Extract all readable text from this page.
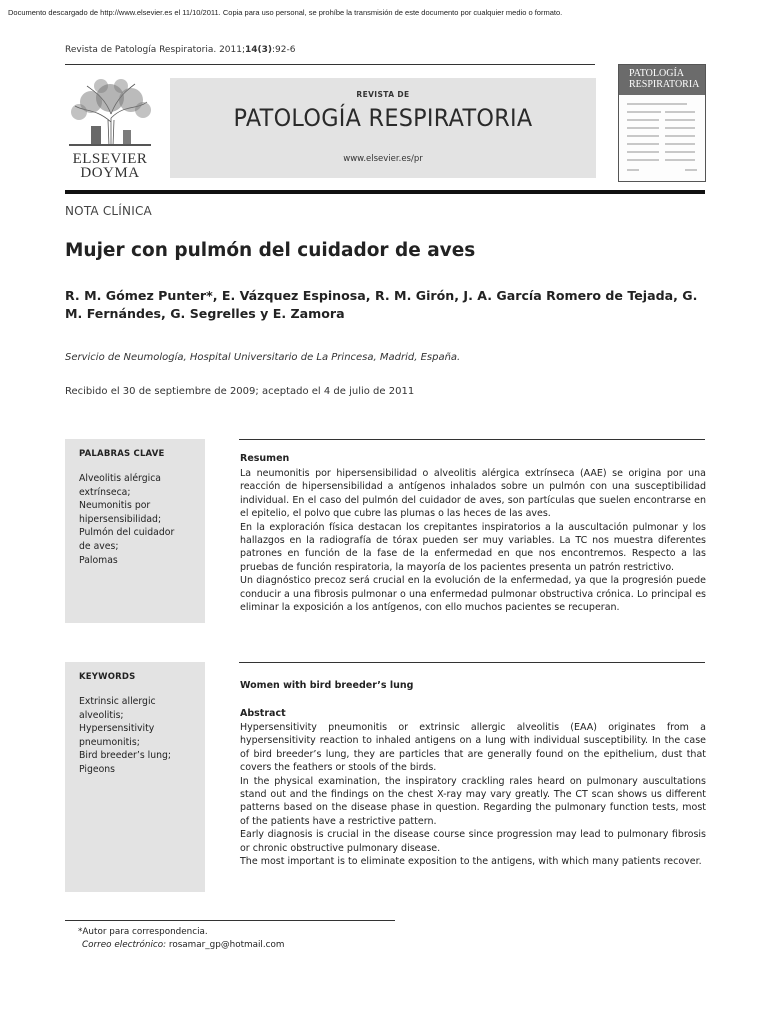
Documento descargado de http://www.elsevier.es el 11/10/2011. Copia para uso personal, se prohíbe la transmisión de este documento por cualquier medio o formato.
Revista de Patología Respiratoria. 2011;14(3):92-6
ELSEVIER
DOYMA
REVISTA DE
PATOLOGÍA RESPIRATORIA
www.elsevier.es/pr
PATOLOGÍA
RESPIRATORIA
NOTA CLÍNICA
Mujer con pulmón del cuidador de aves
R. M. Gómez Punter*, E. Vázquez Espinosa, R. M. Girón, J. A. García Romero de Tejada, G. M. Fernándes, G. Segrelles y E. Zamora
Servicio de Neumología, Hospital Universitario de La Princesa, Madrid, España.
Recibido el 30 de septiembre de 2009; aceptado el 4 de julio de 2011
PALABRAS CLAVE
Alveolitis alérgica
extrínseca;
Neumonitis por
hipersensibilidad;
Pulmón del cuidador
de aves;
Palomas
Resumen

La neumonitis por hipersensibilidad o alveolitis alérgica extrínseca (AAE) se origina por una reacción de hipersensibilidad a antígenos inhalados sobre un pulmón con una susceptibilidad individual. En el caso del pulmón del cuidador de aves, son partículas que suelen encontrarse en el epitelio, el polvo que cubre las plumas o las heces de las aves.

En la exploración física destacan los crepitantes inspiratorios a la auscultación pulmonar y los hallazgos en la radiografía de tórax pueden ser muy variables. La TC nos muestra diferentes patrones en función de la fase de la enfermedad en que nos encontremos. Respecto a las pruebas de función respiratoria, la mayoría de los pacientes presenta un patrón restrictivo.

Un diagnóstico precoz será crucial en la evolución de la enfermedad, ya que la progresión puede conducir a una fibrosis pulmonar o una enfermedad pulmonar obstructiva crónica. Lo principal es eliminar la exposición a los antígenos, con ello muchos pacientes se recuperan.

KEYWORDS
Extrinsic allergic
alveolitis;
Hypersensitivity
pneumonitis;
Bird breeder’s lung;
Pigeons
Women with bird breeder’s lung
Abstract

Hypersensitivity pneumonitis or extrinsic allergic alveolitis (EAA) originates from a hypersensitivity reaction to inhaled antigens on a lung with individual susceptibility. In the case of bird breeder’s lung, they are particles that are generally found on the epithelium, dust that covers the feathers or stools of the birds.

In the physical examination, the inspiratory crackling rales heard on pulmonary auscultations stand out and the findings on the chest X-ray may vary greatly. The CT scan shows us different patterns based on the disease phase in question. Regarding the pulmonary function tests, most of the patients have a restrictive pattern.

Early diagnosis is crucial in the disease course since progression may lead to pulmonary fibrosis or chronic obstructive pulmonary disease.

The most important is to eliminate exposition to the antigens, with which many patients recover.

*Autor para correspondencia.
Correo electrónico: rosamar_gp@hotmail.com
